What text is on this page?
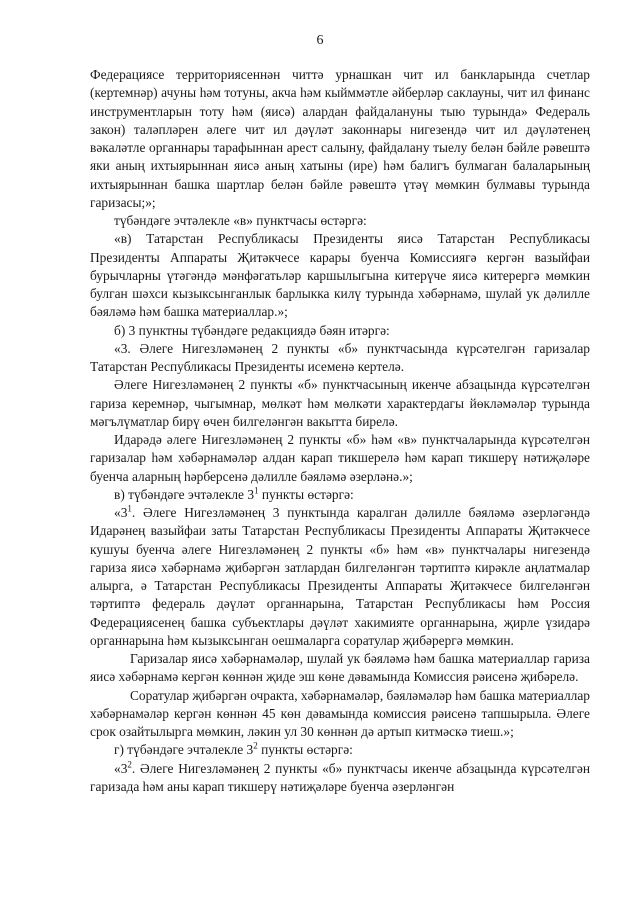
6

Федерациясе территориясеннән читтә урнашкан чит ил банкларында счетлар (кертемнәр) ачуны һәм тотуны, акча һәм кыйммәтле әйберләр саклауны, чит ил финанс инструментларын тоту һәм (яисә) алардан файдалануны тыю турында» Федераль закон) таләпләрен әлеге чит ил дәүләт законнары нигезендә чит ил дәүләтенең вәкаләтле органнары тарафыннан арест салыну, файдалану тыелу белән бәйле рәвештә яки аның ихтыярыннан яисә аның хатыны (ире) һәм балигъ булмаган балаларының ихтыярыннан башка шартлар белән бәйле рәвештә үтәү мөмкин булмавы турында гаризасы;»;

түбәндәге эчтәлекле «в» пунктчасы өстәргә:

«в) Татарстан Республикасы Президенты яисә Татарстан Республикасы Президенты Аппараты Җитәкчесе карары буенча Комиссиягә кергән вазыйфаи бурычларны үтәгәндә мәнфәгатьләр каршылыгына китерүче яисә китерергә мөмкин булган шәхси кызыксынганлык барлыкка килү турында хәбәрнамә, шулай ук дәлилле бәяләмә һәм башка материаллар.»;

б) 3 пунктны түбәндәге редакциядә бәян итәргә:

«3. Әлеге Нигезләмәнең 2 пункты «б» пунктчасында күрсәтелгән гаризалар Татарстан Республикасы Президенты исеменә кертелә.

Әлеге Нигезләмәнең 2 пункты «б» пунктчасының икенче абзацында күрсәтелгән гариза керемнәр, чыгымнар, мөлкәт һәм мөлкәти характердагы йөкләмәләр турында мәгълүматлар бирү өчен билгеләнгән вакытта бирелә.

Идарәдә әлеге Нигезләмәнең 2 пункты «б» һәм «в» пунктчаларында күрсәтелгән гаризалар һәм хәбәрнамәләр алдан карап тикшерелә һәм карап тикшерү нәтиҗәләре буенча аларның һәрберсенә дәлилле бәяләмә әзерләнә.»;

в) түбәндәге эчтәлекле $3^1$ пункты өстәргә:

«$3^1$. Әлеге Нигезләмәнең 3 пунктында каралган дәлилле бәяләмә әзерләгәндә Идарәнең вазыйфаи заты Татарстан Республикасы Президенты Аппараты Җитәкчесе кушуы буенча әлеге Нигезләмәнең 2 пункты «б» һәм «в» пунктчалары нигезендә гариза яисә хәбәрнамә җибәргән затлардан билгеләнгән тәртиптә кирәкле аңлатмалар алырга, ә Татарстан Республикасы Президенты Аппараты Җитәкчесе билгеләнгән тәртиптә федераль дәүләт органнарына, Татарстан Республикасы һәм Россия Федерациясенең башка субъектлары дәүләт хакимияте органнарына, җирле үзидарә органнарына һәм кызыксынган оешмаларга соратулар җибәрергә мөмкин.

Гаризалар яисә хәбәрнамәләр, шулай ук бәяләмә һәм башка материаллар гариза яисә хәбәрнамә кергән көннән җиде эш көне дәвамында Комиссия рәисенә җибәрелә.

Соратулар җибәргән очракта, хәбәрнамәләр, бәяләмәләр һәм башка материаллар хәбәрнамәләр кергән көннән 45 көн дәвамында комиссия рәисенә тапшырыла. Әлеге срок озайтылырга мөмкин, ләкин ул 30 көннән дә артып китмәскә тиеш.»;

г) түбәндәге эчтәлекле $3^2$ пункты өстәргә:

«$3^2$. Әлеге Нигезләмәнең 2 пункты «б» пунктчасы икенче абзацында күрсәтелгән гаризада һәм аны карап тикшерү нәтиҗәләре буенча әзерләнгән
